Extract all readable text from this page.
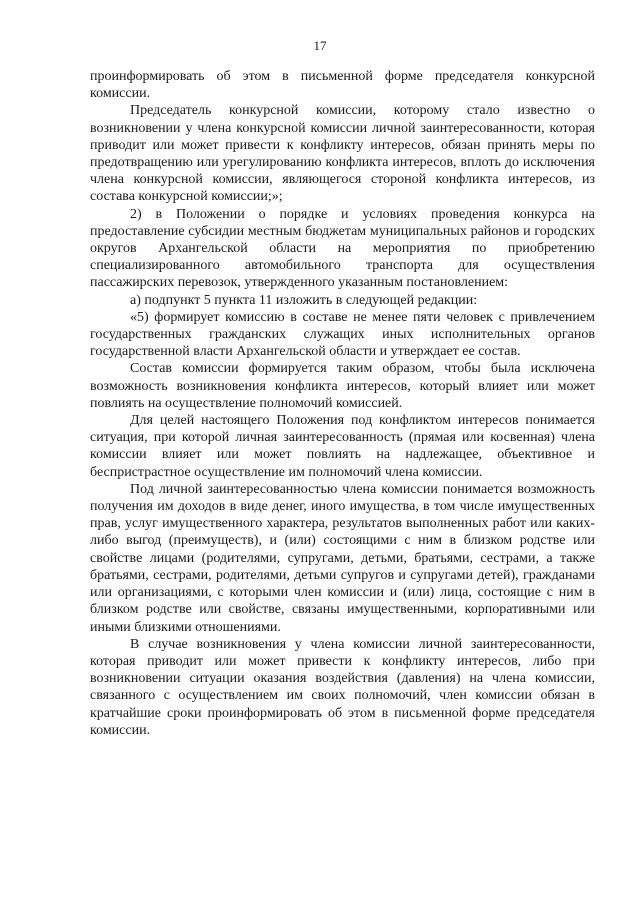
17

проинформировать об этом в письменной форме председателя конкурсной комиссии.

Председатель конкурсной комиссии, которому стало известно о возникновении у члена конкурсной комиссии личной заинтересованности, которая приводит или может привести к конфликту интересов, обязан принять меры по предотвращению или урегулированию конфликта интересов, вплоть до исключения члена конкурсной комиссии, являющегося стороной конфликта интересов, из состава конкурсной комиссии;»;

2) в Положении о порядке и условиях проведения конкурса на предоставление субсидии местным бюджетам муниципальных районов и городских округов Архангельской области на мероприятия по приобретению специализированного автомобильного транспорта для осуществления пассажирских перевозок, утвержденного указанным постановлением:

а) подпункт 5 пункта 11 изложить в следующей редакции:

«5) формирует комиссию в составе не менее пяти человек с привлечением государственных гражданских служащих иных исполнительных органов государственной власти Архангельской области и утверждает ее состав.

Состав комиссии формируется таким образом, чтобы была исключена возможность возникновения конфликта интересов, который влияет или может повлиять на осуществление полномочий комиссией.

Для целей настоящего Положения под конфликтом интересов понимается ситуация, при которой личная заинтересованность (прямая или косвенная) члена комиссии влияет или может повлиять на надлежащее, объективное и беспристрастное осуществление им полномочий члена комиссии.

Под личной заинтересованностью члена комиссии понимается возможность получения им доходов в виде денег, иного имущества, в том числе имущественных прав, услуг имущественного характера, результатов выполненных работ или каких-либо выгод (преимуществ), и (или) состоящими с ним в близком родстве или свойстве лицами (родителями, супругами, детьми, братьями, сестрами, а также братьями, сестрами, родителями, детьми супругов и супругами детей), гражданами или организациями, с которыми член комиссии и (или) лица, состоящие с ним в близком родстве или свойстве, связаны имущественными, корпоративными или иными близкими отношениями.

В случае возникновения у члена комиссии личной заинтересованности, которая приводит или может привести к конфликту интересов, либо при возникновении ситуации оказания воздействия (давления) на члена комиссии, связанного с осуществлением им своих полномочий, член комиссии обязан в кратчайшие сроки проинформировать об этом в письменной форме председателя комиссии.
